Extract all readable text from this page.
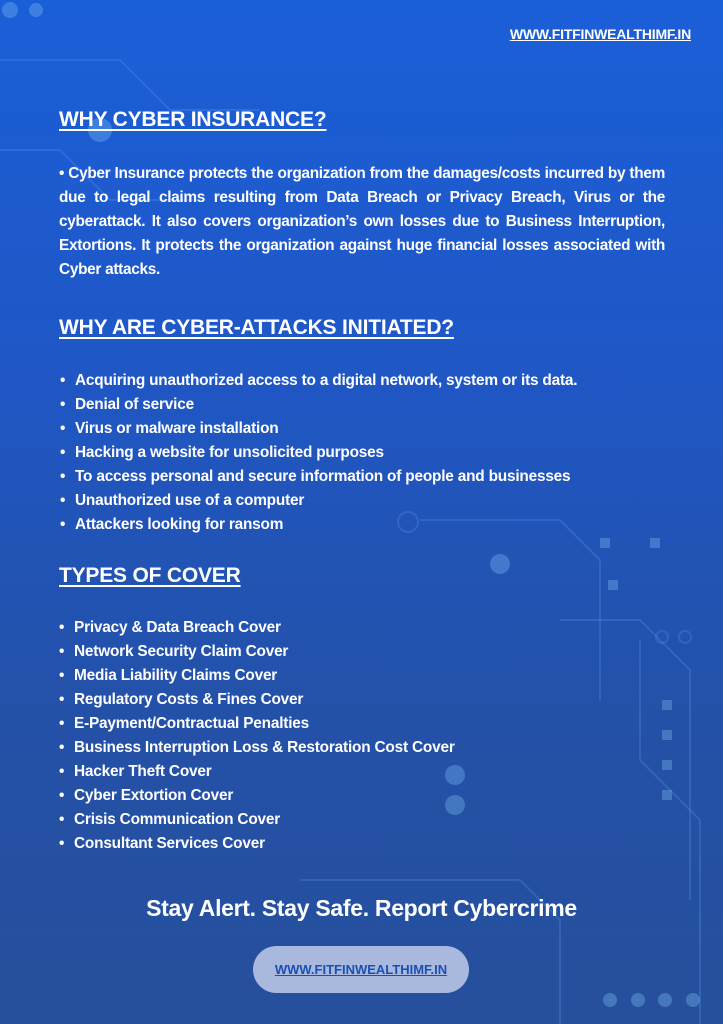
WWW.FITFINWEALTHIMF.IN
WHY CYBER INSURANCE?
• Cyber Insurance protects the organization from the damages/costs incurred by them due to legal claims resulting from Data Breach or Privacy Breach, Virus or the cyberattack. It also covers organization’s own losses due to Business Interruption, Extortions. It protects the organization against huge financial losses associated with Cyber attacks.
WHY ARE CYBER-ATTACKS INITIATED?
• Acquiring unauthorized access to a digital network, system or its data.
• Denial of service
• Virus or malware installation
• Hacking a website for unsolicited purposes
• To access personal and secure information of people and businesses
• Unauthorized use of a computer
• Attackers looking for ransom
TYPES OF COVER
• Privacy & Data Breach Cover
• Network Security Claim Cover
• Media Liability Claims Cover
• Regulatory Costs & Fines Cover
• E-Payment/Contractual Penalties
• Business Interruption Loss & Restoration Cost Cover
• Hacker Theft Cover
• Cyber Extortion Cover
• Crisis Communication Cover
• Consultant Services Cover
Stay Alert. Stay Safe. Report Cybercrime
WWW.FITFINWEALTHIMF.IN
